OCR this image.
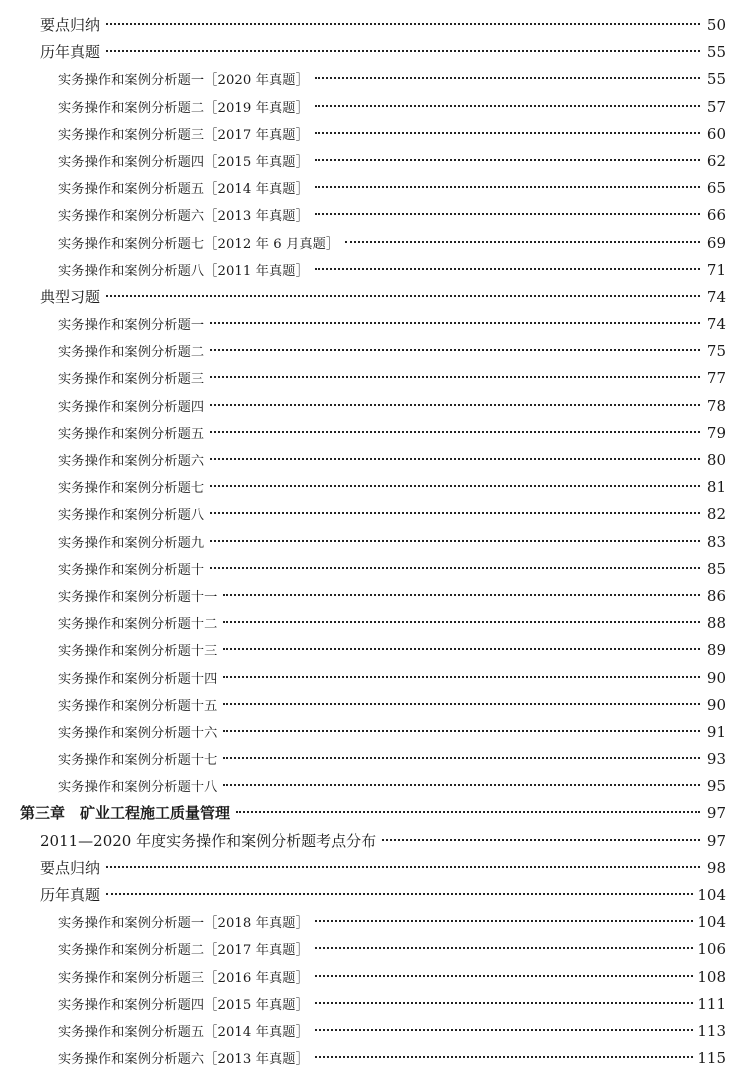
要点归纳	50
历年真题	55
实务操作和案例分析题一［2020 年真题］	55
实务操作和案例分析题二［2019 年真题］	57
实务操作和案例分析题三［2017 年真题］	60
实务操作和案例分析题四［2015 年真题］	62
实务操作和案例分析题五［2014 年真题］	65
实务操作和案例分析题六［2013 年真题］	66
实务操作和案例分析题七［2012 年 6 月真题］	69
实务操作和案例分析题八［2011 年真题］	71
典型习题	74
实务操作和案例分析题一	74
实务操作和案例分析题二	75
实务操作和案例分析题三	77
实务操作和案例分析题四	78
实务操作和案例分析题五	79
实务操作和案例分析题六	80
实务操作和案例分析题七	81
实务操作和案例分析题八	82
实务操作和案例分析题九	83
实务操作和案例分析题十	85
实务操作和案例分析题十一	86
实务操作和案例分析题十二	88
实务操作和案例分析题十三	89
实务操作和案例分析题十四	90
实务操作和案例分析题十五	90
实务操作和案例分析题十六	91
实务操作和案例分析题十七	93
实务操作和案例分析题十八	95
第三章　矿业工程施工质量管理	97
2011—2020 年度实务操作和案例分析题考点分布	97
要点归纳	98
历年真题	104
实务操作和案例分析题一［2018 年真题］	104
实务操作和案例分析题二［2017 年真题］	106
实务操作和案例分析题三［2016 年真题］	108
实务操作和案例分析题四［2015 年真题］	111
实务操作和案例分析题五［2014 年真题］	113
实务操作和案例分析题六［2013 年真题］	115
